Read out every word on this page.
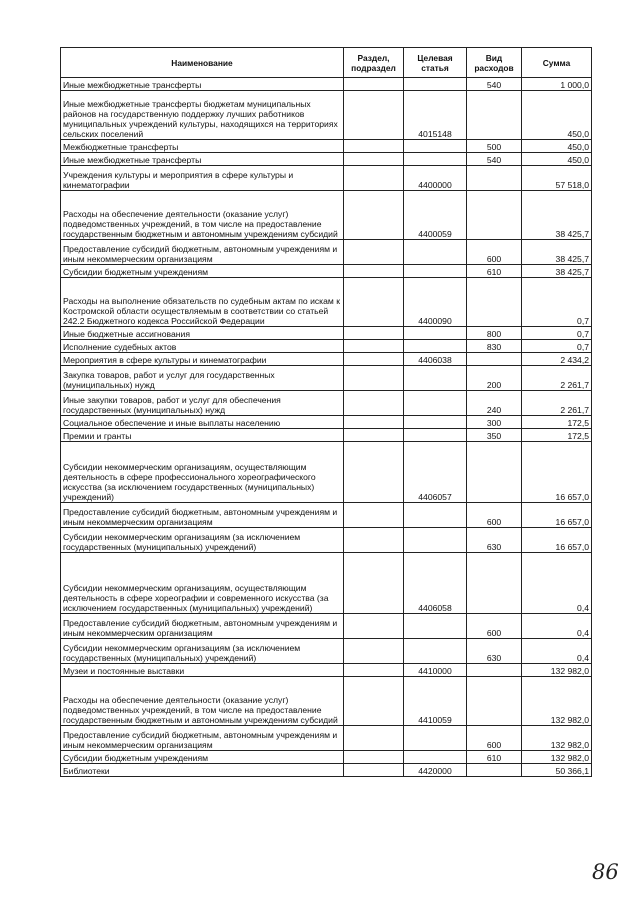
Наименование	Раздел, подраздел	Целевая статья	Вид расходов	Сумма
Иные межбюджетные трансферты			540	1 000,0
Иные межбюджетные трансферты бюджетам муниципальных районов на государственную поддержку лучших работников муниципальных учреждений культуры, находящихся на территориях сельских поселений		4015148		450,0
Межбюджетные трансферты			500	450,0
Иные межбюджетные трансферты			540	450,0
Учреждения культуры и мероприятия в сфере культуры и кинематографии		4400000		57 518,0
Расходы на обеспечение деятельности (оказание услуг) подведомственных учреждений, в том числе на предоставление государственным бюджетным и автономным учреждениям субсидий		4400059		38 425,7
Предоставление субсидий бюджетным, автономным учреждениям и иным некоммерческим организациям			600	38 425,7
Субсидии бюджетным учреждениям			610	38 425,7
Расходы на выполнение обязательств по судебным актам по искам к Костромской области осуществляемым в соответствии со статьей 242.2 Бюджетного кодекса Российской Федерации		4400090		0,7
Иные бюджетные ассигнования			800	0,7
Исполнение судебных актов			830	0,7
Мероприятия в сфере культуры и кинематографии		4406038		2 434,2
Закупка товаров, работ и услуг для государственных (муниципальных) нужд			200	2 261,7
Иные закупки товаров, работ и услуг для обеспечения государственных (муниципальных) нужд			240	2 261,7
Социальное обеспечение и иные выплаты населению			300	172,5
Премии и гранты			350	172,5
Субсидии некоммерческим организациям, осуществляющим деятельность в сфере профессионального хореографического искусства (за исключением государственных (муниципальных) учреждений)		4406057		16 657,0
Предоставление субсидий бюджетным, автономным учреждениям и иным некоммерческим организациям			600	16 657,0
Субсидии некоммерческим организациям (за исключением государственных (муниципальных) учреждений)			630	16 657,0
Субсидии некоммерческим организациям, осуществляющим деятельность в сфере хореографии и современного искусства (за исключением государственных (муниципальных) учреждений)		4406058		0,4
Предоставление субсидий бюджетным, автономным учреждениям и иным некоммерческим организациям			600	0,4
Субсидии некоммерческим организациям (за исключением государственных (муниципальных) учреждений)			630	0,4
Музеи и постоянные выставки		4410000		132 982,0
Расходы на обеспечение деятельности (оказание услуг) подведомственных учреждений, в том числе на предоставление государственным бюджетным и автономным учреждениям субсидий		4410059		132 982,0
Предоставление субсидий бюджетным, автономным учреждениям и иным некоммерческим организациям			600	132 982,0
Субсидии бюджетным учреждениям			610	132 982,0
Библиотеки		4420000		50 366,1
86
